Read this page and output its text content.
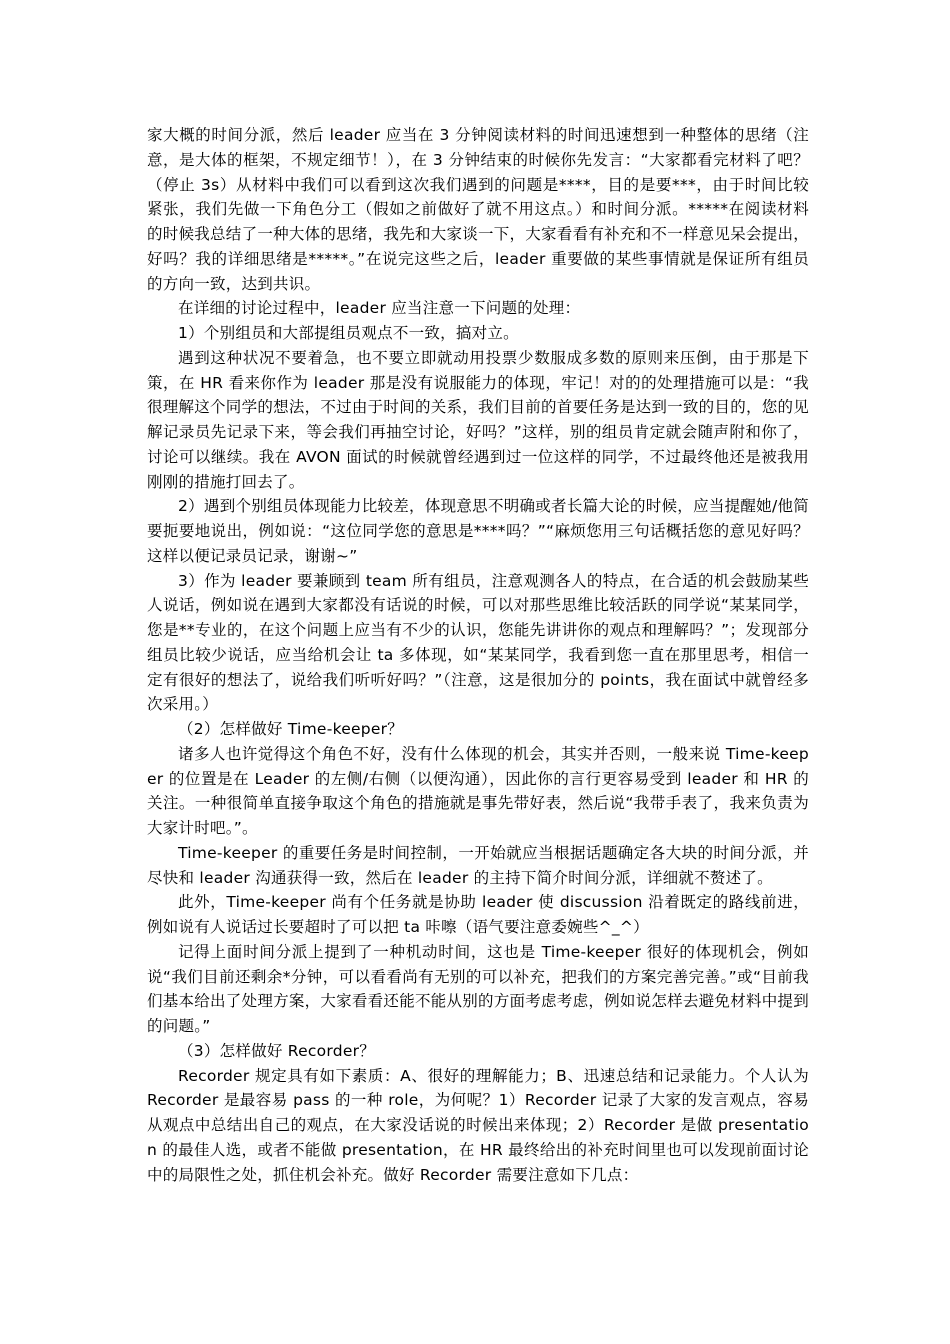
家大概的时间分派，然后 leader 应当在 3 分钟阅读材料的时间迅速想到一种整体的思绪（注意，是大体的框架，不规定细节！），在 3 分钟结束的时候你先发言：“大家都看完材料了吧？（停止 3s）从材料中我们可以看到这次我们遇到的问题是****，目的是要***，由于时间比较紧张，我们先做一下角色分工（假如之前做好了就不用这点。）和时间分派。*****在阅读材料的时候我总结了一种大体的思绪，我先和大家谈一下，大家看看有补充和不一样意见呆会提出，好吗？我的详细思绪是*****。”在说完这些之后，leader 重要做的某些事情就是保证所有组员的方向一致，达到共识。

在详细的讨论过程中，leader 应当注意一下问题的处理：

1）个别组员和大部提组员观点不一致，搞对立。

遇到这种状况不要着急，也不要立即就动用投票少数服成多数的原则来压倒，由于那是下策，在 HR 看来你作为 leader 那是没有说服能力的体现，牢记！对的的处理措施可以是：“我很理解这个同学的想法，不过由于时间的关系，我们目前的首要任务是达到一致的目的，您的见解记录员先记录下来，等会我们再抽空讨论，好吗？”这样，别的组员肯定就会随声附和你了，讨论可以继续。我在 AVON 面试的时候就曾经遇到过一位这样的同学，不过最终他还是被我用刚刚的措施打回去了。

2）遇到个别组员体现能力比较差，体现意思不明确或者长篇大论的时候，应当提醒她/他简要扼要地说出，例如说：“这位同学您的意思是****吗？”“麻烦您用三句话概括您的意见好吗？这样以便记录员记录，谢谢~”

3）作为 leader 要兼顾到 team 所有组员，注意观测各人的特点，在合适的机会鼓励某些人说话，例如说在遇到大家都没有话说的时候，可以对那些思维比较活跃的同学说“某某同学，您是**专业的，在这个问题上应当有不少的认识，您能先讲讲你的观点和理解吗？”；发现部分组员比较少说话，应当给机会让 ta 多体现，如“某某同学，我看到您一直在那里思考，相信一定有很好的想法了，说给我们听听好吗？”（注意，这是很加分的 points，我在面试中就曾经多次采用。）

（2）怎样做好 Time-keeper？

诸多人也许觉得这个角色不好，没有什么体现的机会，其实并否则，一般来说 Time-keeper 的位置是在 Leader 的左侧/右侧（以便沟通），因此你的言行更容易受到 leader 和 HR 的关注。一种很简单直接争取这个角色的措施就是事先带好表，然后说“我带手表了，我来负责为大家计时吧。”。

Time-keeper 的重要任务是时间控制，一开始就应当根据话题确定各大块的时间分派，并尽快和 leader 沟通获得一致，然后在 leader 的主持下简介时间分派，详细就不赘述了。

此外，Time-keeper 尚有个任务就是协助 leader 使 discussion 沿着既定的路线前进，例如说有人说话过长要超时了可以把 ta 咔嚓（语气要注意委婉些^_^）

记得上面时间分派上提到了一种机动时间，这也是 Time-keeper 很好的体现机会，例如说“我们目前还剩余*分钟，可以看看尚有无别的可以补充，把我们的方案完善完善。”或“目前我们基本给出了处理方案，大家看看还能不能从别的方面考虑考虑，例如说怎样去避免材料中提到的问题。”

（3）怎样做好 Recorder？

Recorder 规定具有如下素质：A、很好的理解能力；B、迅速总结和记录能力。个人认为 Recorder 是最容易 pass 的一种 role，为何呢？1）Recorder 记录了大家的发言观点，容易从观点中总结出自己的观点，在大家没话说的时候出来体现；2）Recorder 是做 presentation 的最佳人选，或者不能做 presentation，在 HR 最终给出的补充时间里也可以发现前面讨论中的局限性之处，抓住机会补充。做好 Recorder 需要注意如下几点：
